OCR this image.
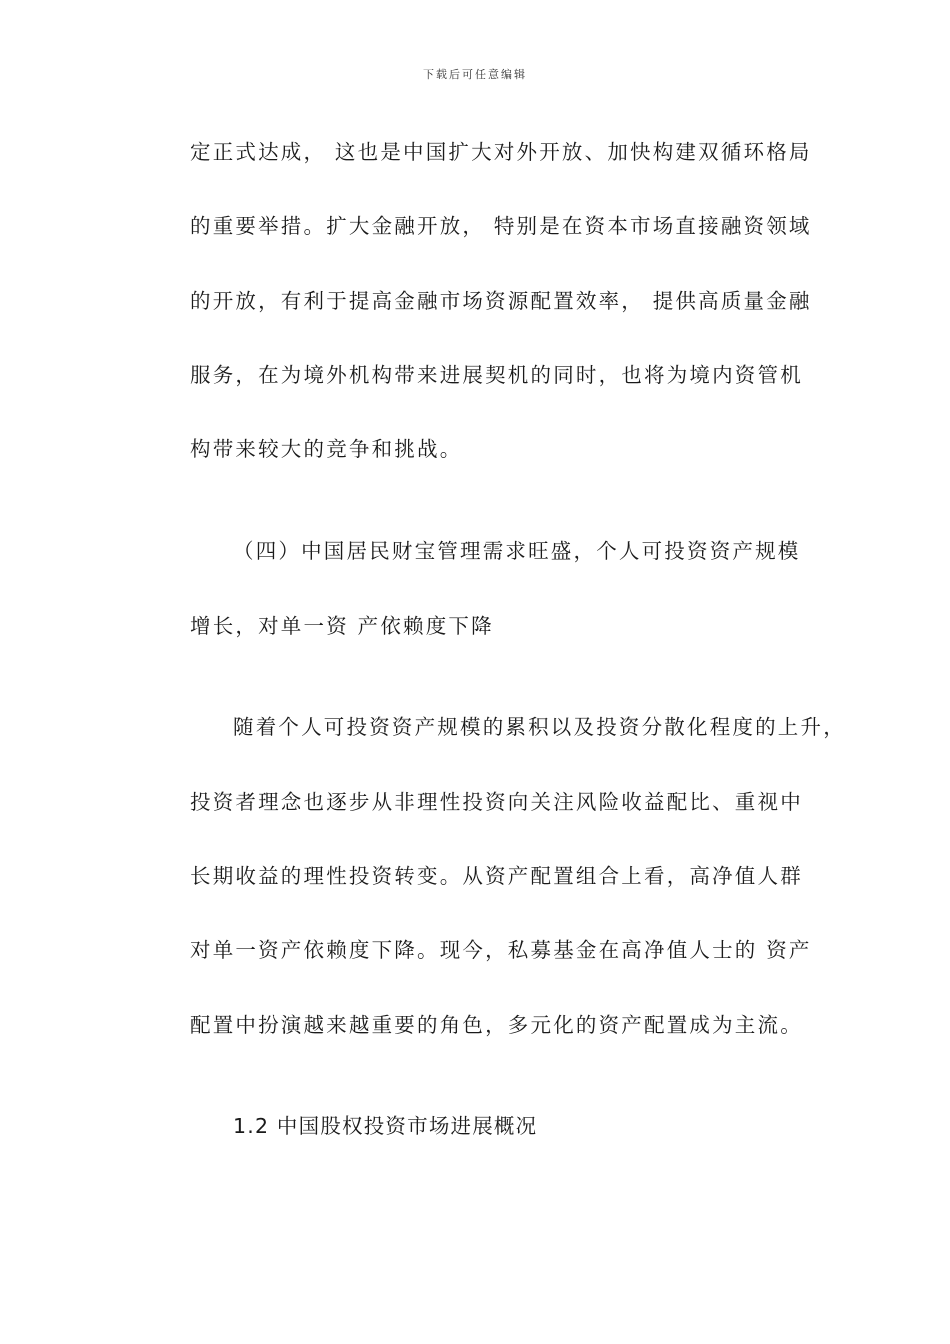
下载后可任意编辑
定正式达成， 这也是中国扩大对外开放、加快构建双循环格局
的重要举措。扩大金融开放， 特别是在资本市场直接融资领域
的开放，有利于提高金融市场资源配置效率， 提供高质量金融
服务，在为境外机构带来进展契机的同时，也将为境内资管机
构带来较大的竞争和挑战。
（四）中国居民财宝管理需求旺盛，个人可投资资产规模
增长，对单一资 产依赖度下降
随着个人可投资资产规模的累积以及投资分散化程度的上升，
投资者理念也逐步从非理性投资向关注风险收益配比、重视中
长期收益的理性投资转变。从资产配置组合上看，高净值人群
对单一资产依赖度下降。现今，私募基金在高净值人士的 资产
配置中扮演越来越重要的角色，多元化的资产配置成为主流。
1.2 中国股权投资市场进展概况
